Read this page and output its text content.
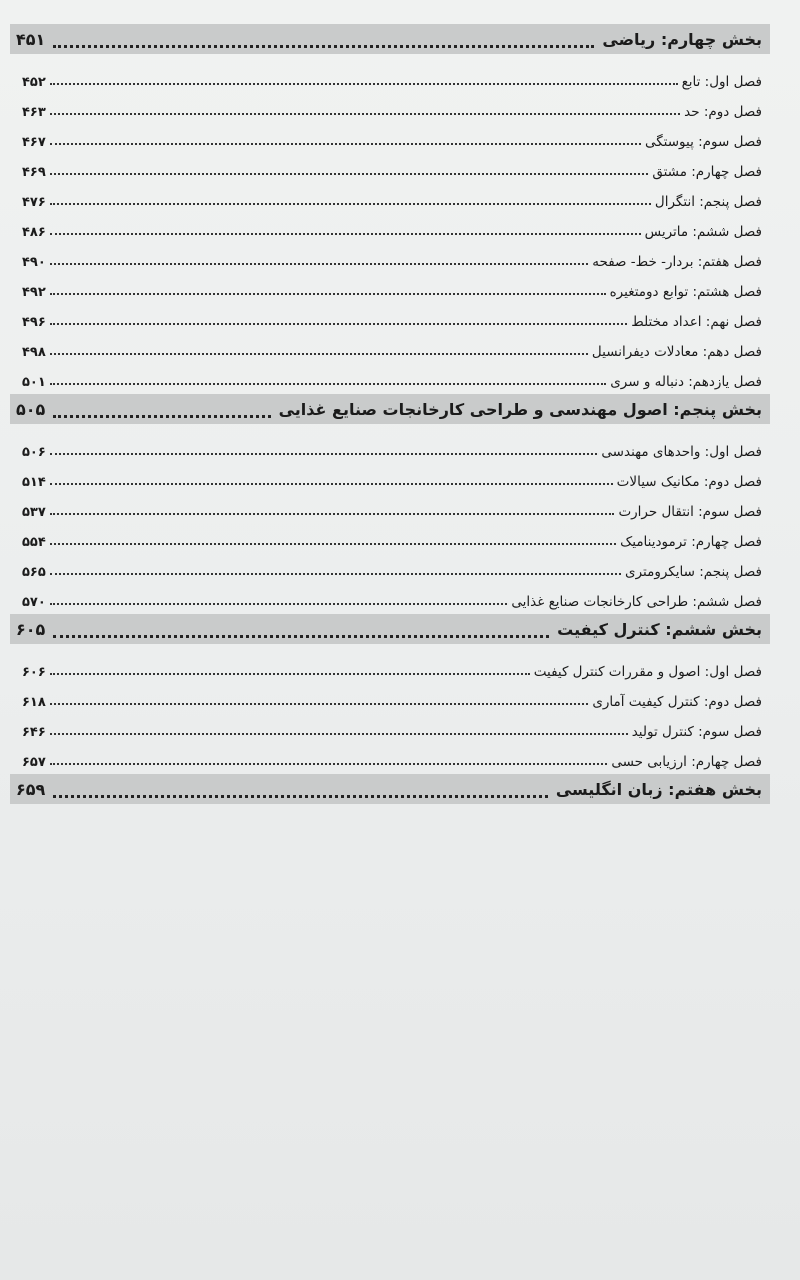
بخش چهارم: ریاضی
۴۵۱
فصل اول: تابع
۴۵۲
فصل دوم: حد
۴۶۳
فصل سوم: پیوستگی
۴۶۷
فصل چهارم: مشتق
۴۶۹
فصل پنجم: انتگرال
۴۷۶
فصل ششم: ماتریس
۴۸۶
فصل هفتم: بردار- خط- صفحه
۴۹۰
فصل هشتم: توابع دومتغیره
۴۹۲
فصل نهم: اعداد مختلط
۴۹۶
فصل دهم: معادلات دیفرانسیل
۴۹۸
فصل یازدهم: دنباله و سری
۵۰۱
بخش پنجم: اصول مهندسی و طراحی کارخانجات صنایع غذایی
۵۰۵
فصل اول: واحدهای مهندسی
۵۰۶
فصل دوم: مکانیک سیالات
۵۱۴
فصل سوم: انتقال حرارت
۵۳۷
فصل چهارم: ترمودینامیک
۵۵۴
فصل پنجم: سایکرومتری
۵۶۵
فصل ششم: طراحی کارخانجات صنایع غذایی
۵۷۰
بخش ششم: کنترل کیفیت
۶۰۵
فصل اول: اصول و مقررات کنترل کیفیت
۶۰۶
فصل دوم: کنترل کیفیت آماری
۶۱۸
فصل سوم: کنترل تولید
۶۴۶
فصل چهارم: ارزیابی حسی
۶۵۷
بخش هفتم: زبان انگلیسی
۶۵۹
